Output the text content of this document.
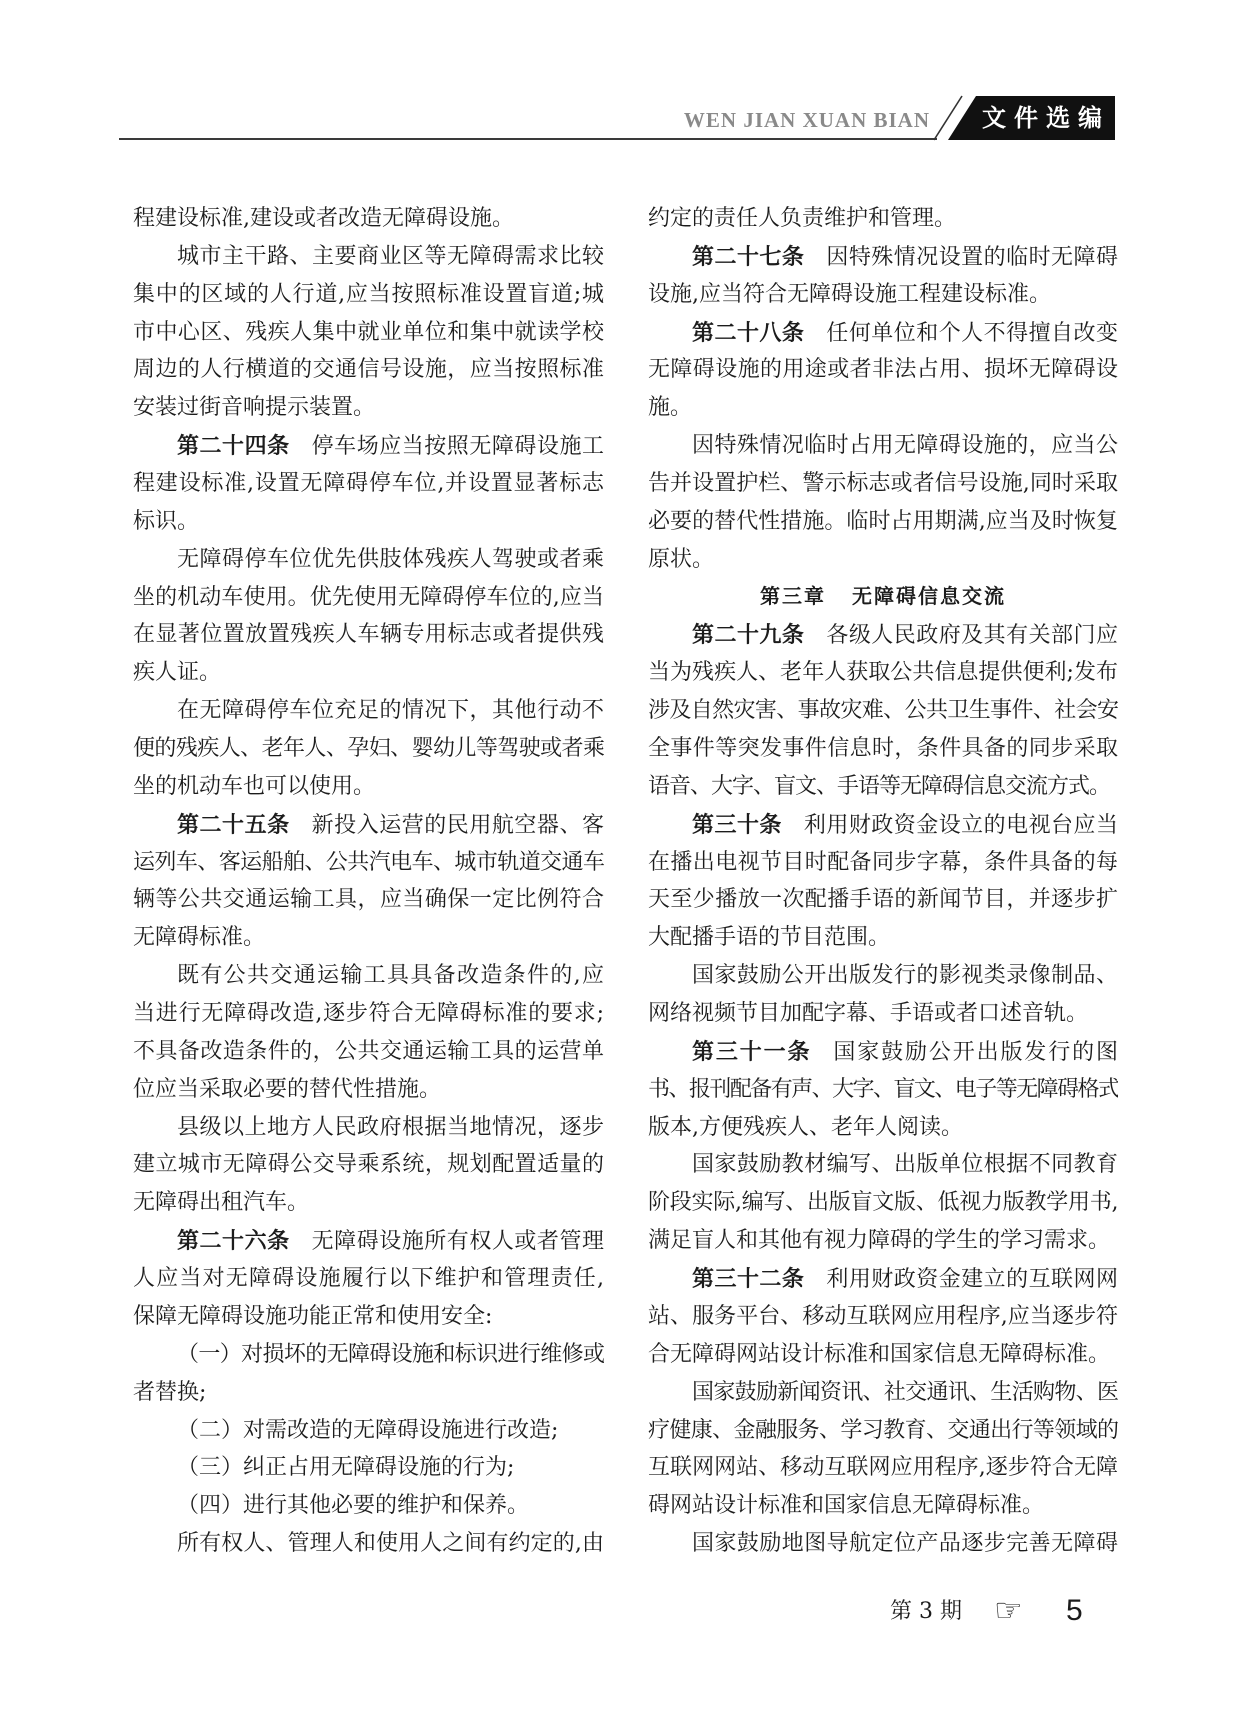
WEN JIAN XUAN BIAN 文件选编
程建设标准,建设或者改造无障碍设施。
城市主干路、主要商业区等无障碍需求比较
集中的区域的人行道,应当按照标准设置盲道;城
市中心区、残疾人集中就业单位和集中就读学校
周边的人行横道的交通信号设施，应当按照标准
安装过街音响提示装置。
第二十四条 停车场应当按照无障碍设施工
程建设标准,设置无障碍停车位,并设置显著标志
标识。
无障碍停车位优先供肢体残疾人驾驶或者乘
坐的机动车使用。优先使用无障碍停车位的,应当
在显著位置放置残疾人车辆专用标志或者提供残
疾人证。
在无障碍停车位充足的情况下，其他行动不
便的残疾人、老年人、孕妇、婴幼儿等驾驶或者乘
坐的机动车也可以使用。
第二十五条 新投入运营的民用航空器、客
运列车、客运船舶、公共汽电车、城市轨道交通车
辆等公共交通运输工具，应当确保一定比例符合
无障碍标准。
既有公共交通运输工具具备改造条件的,应
当进行无障碍改造,逐步符合无障碍标准的要求;
不具备改造条件的，公共交通运输工具的运营单
位应当采取必要的替代性措施。
县级以上地方人民政府根据当地情况，逐步
建立城市无障碍公交导乘系统，规划配置适量的
无障碍出租汽车。
第二十六条 无障碍设施所有权人或者管理
人应当对无障碍设施履行以下维护和管理责任,
保障无障碍设施功能正常和使用安全:
（一）对损坏的无障碍设施和标识进行维修或
者替换;
（二）对需改造的无障碍设施进行改造;
（三）纠正占用无障碍设施的行为;
（四）进行其他必要的维护和保养。
所有权人、管理人和使用人之间有约定的,由
约定的责任人负责维护和管理。
第二十七条 因特殊情况设置的临时无障碍
设施,应当符合无障碍设施工程建设标准。
第二十八条 任何单位和个人不得擅自改变
无障碍设施的用途或者非法占用、损坏无障碍设
施。
因特殊情况临时占用无障碍设施的，应当公
告并设置护栏、警示标志或者信号设施,同时采取
必要的替代性措施。临时占用期满,应当及时恢复
原状。
第三章 无障碍信息交流
第二十九条 各级人民政府及其有关部门应
当为残疾人、老年人获取公共信息提供便利;发布
涉及自然灾害、事故灾难、公共卫生事件、社会安
全事件等突发事件信息时，条件具备的同步采取
语音、大字、盲文、手语等无障碍信息交流方式。
第三十条 利用财政资金设立的电视台应当
在播出电视节目时配备同步字幕，条件具备的每
天至少播放一次配播手语的新闻节目，并逐步扩
大配播手语的节目范围。
国家鼓励公开出版发行的影视类录像制品、
网络视频节目加配字幕、手语或者口述音轨。
第三十一条 国家鼓励公开出版发行的图
书、报刊配备有声、大字、盲文、电子等无障碍格式
版本,方便残疾人、老年人阅读。
国家鼓励教材编写、出版单位根据不同教育
阶段实际,编写、出版盲文版、低视力版教学用书,
满足盲人和其他有视力障碍的学生的学习需求。
第三十二条 利用财政资金建立的互联网网
站、服务平台、移动互联网应用程序,应当逐步符
合无障碍网站设计标准和国家信息无障碍标准。
国家鼓励新闻资讯、社交通讯、生活购物、医
疗健康、金融服务、学习教育、交通出行等领域的
互联网网站、移动互联网应用程序,逐步符合无障
碍网站设计标准和国家信息无障碍标准。
国家鼓励地图导航定位产品逐步完善无障碍
第 3 期
☞	5
